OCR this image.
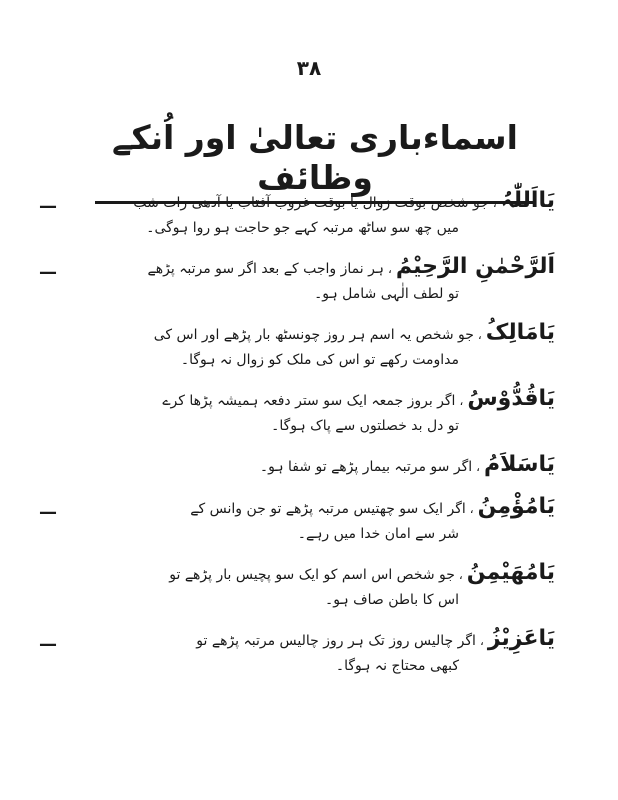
۳۸
اسماءباری تعالیٰ اور اُنکے وظائف
—	یَااَللّٰہُ،جو شخص بوقت زوال یا بوقت غروب آفتاب یا آدھی رات شب
میں چھ سو ساٹھ مرتبہ کہے جو حاجت ہو روا ہوگی۔
—	اَلرَّحْمٰنِ الرَّحِیْمُ،ہر نماز واجب کے بعد اگر سو مرتبہ پڑھے
تو لطف الٰہی شامل ہو۔
یَامَالِکُ،جو شخص یہ اسم ہر روز چونسٹھ بار پڑھے اور اس کی
مداومت رکھے تو اس کی ملک کو زوال نہ ہوگا۔
یَاقُدُّوْسُ،اگر بروز جمعہ ایک سو ستر دفعہ ہمیشہ پڑھا کرے
تو دل بد خصلتوں سے پاک ہوگا۔
یَاسَلاَمُ،اگر سو مرتبہ بیمار پڑھے تو شفا ہو۔
—	یَامُؤْمِنُ،اگر ایک سو چھتیس مرتبہ پڑھے تو جن وانس کے
شر سے امان خدا میں رہے۔
یَامُھَیْمِنُ،جو شخص اس اسم کو ایک سو پچیس بار پڑھے تو
اس کا باطن صاف ہو۔
—	یَاعَزِیْزُ،اگر چالیس روز تک ہر روز چالیس مرتبہ پڑھے تو
کبھی محتاج نہ ہوگا۔
